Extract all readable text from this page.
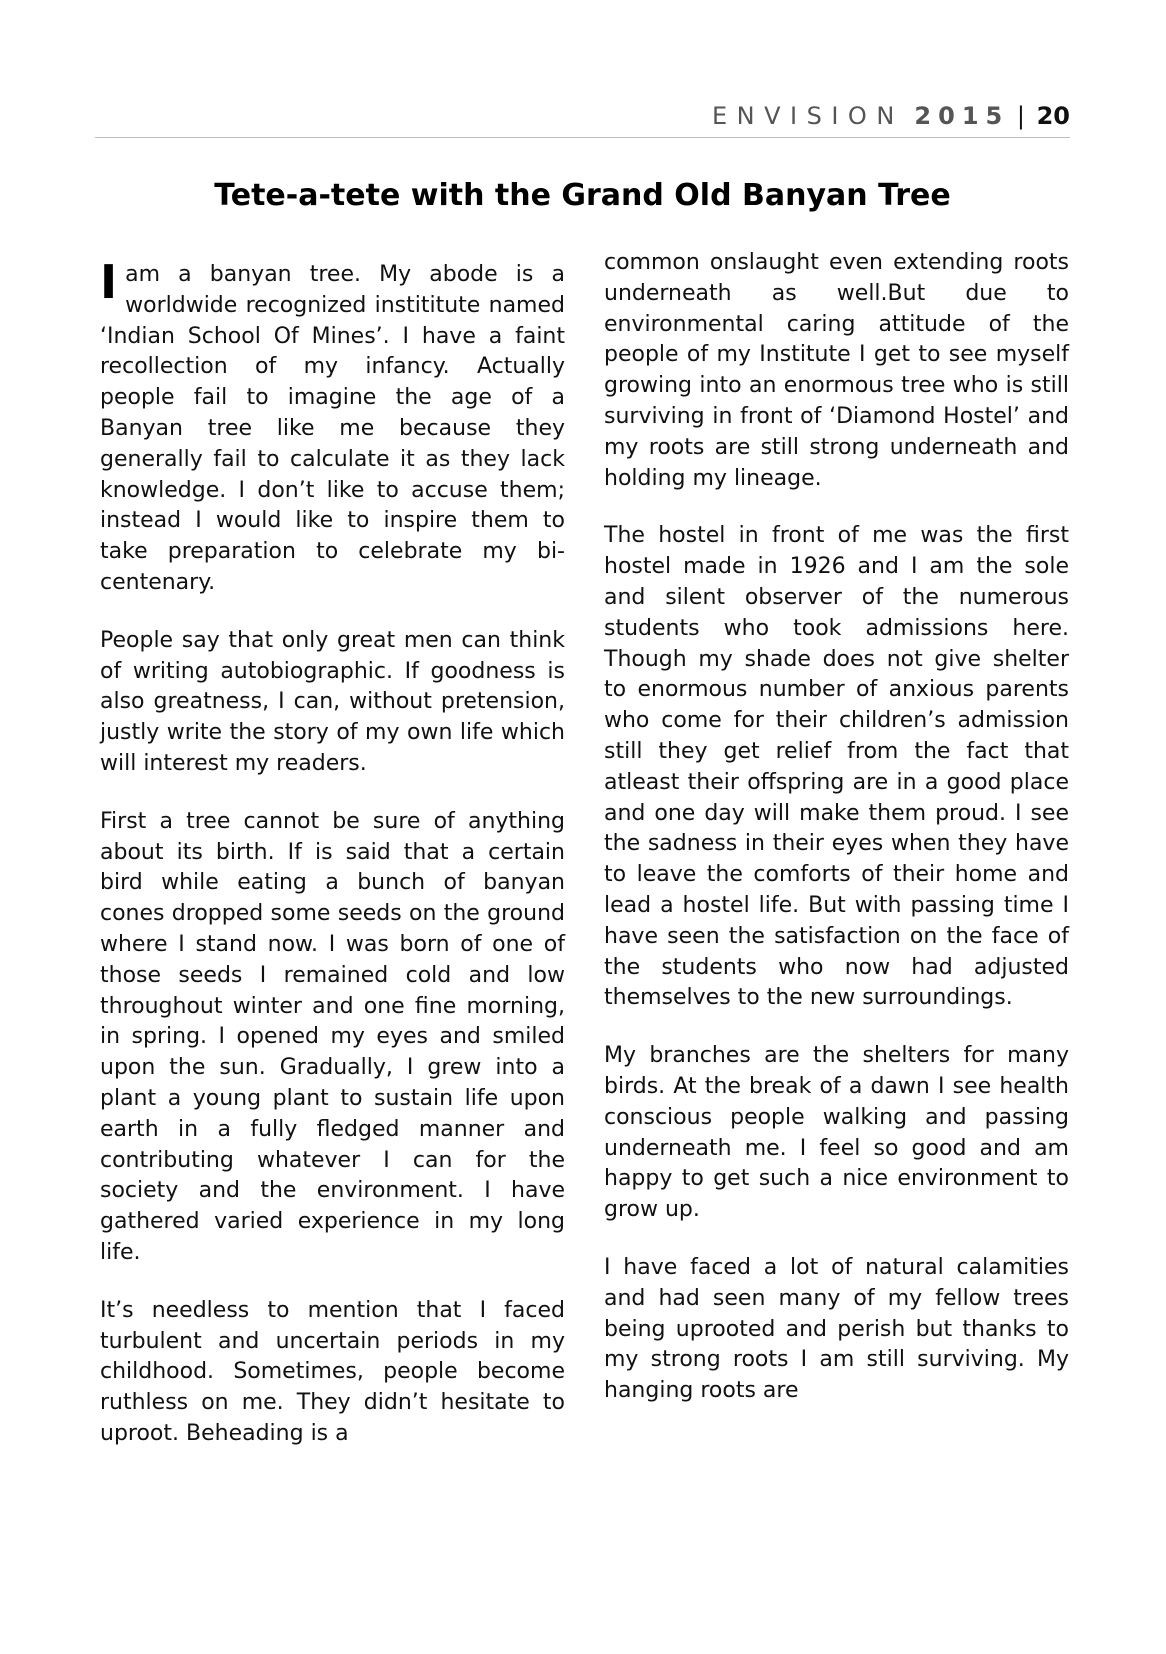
ENVISION 2015 | 20
Tete-a-tete with the Grand Old Banyan Tree

Iam a banyan tree. My abode is a worldwide recognized instititute named ‘Indian School Of Mines’. I have a faint recollection of my infancy. Actually people fail to imagine the age of a Banyan tree like me because they generally fail to calculate it as they lack knowledge. I don’t like to accuse them; instead I would like to inspire them to take preparation to celebrate my bi-centenary.

People say that only great men can think of writing autobiographic. If goodness is also greatness, I can, without pretension, justly write the story of my own life which will interest my readers.

First a tree cannot be sure of anything about its birth. If is said that a certain bird while eating a bunch of banyan cones dropped some seeds on the ground where I stand now. I was born of one of those seeds I remained cold and low throughout winter and one fine morning, in spring. I opened my eyes and smiled upon the sun. Gradually, I grew into a plant a young plant to sustain life upon earth in a fully fledged manner and contributing whatever I can for the society and the environment. I have gathered varied experience in my long life.

It’s needless to mention that I faced turbulent and uncertain periods in my childhood. Sometimes, people become ruthless on me. They didn’t hesitate to uproot. Beheading is a

common onslaught even extending roots underneath as well.But due to environmental caring attitude of the people of my Institute I get to see myself growing into an enormous tree who is still surviving in front of ‘Diamond Hostel’ and my roots are still strong underneath and holding my lineage.

The hostel in front of me was the first hostel made in 1926 and I am the sole and silent observer of the numerous students who took admissions here. Though my shade does not give shelter to enormous number of anxious parents who come for their children’s admission still they get relief from the fact that atleast their offspring are in a good place and one day will make them proud. I see the sadness in their eyes when they have to leave the comforts of their home and lead a hostel life. But with passing time I have seen the satisfaction on the face of the students who now had adjusted themselves to the new surroundings.

My branches are the shelters for many birds. At the break of a dawn I see health conscious people walking and passing underneath me. I feel so good and am happy to get such a nice environment to grow up.

I have faced a lot of natural calamities and had seen many of my fellow trees being uprooted and perish but thanks to my strong roots I am still surviving. My hanging roots are
